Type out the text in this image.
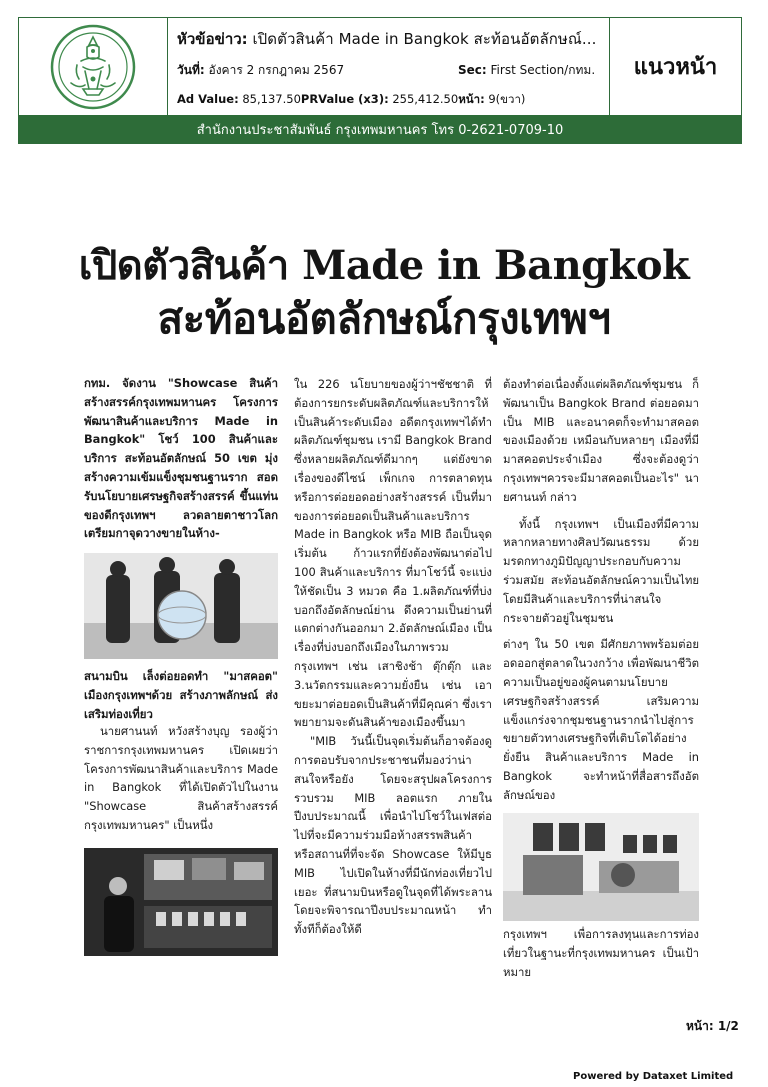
หัวข้อข่าว: เปิดตัวสินค้า Made in Bangkok สะท้อนอัตลักษณ์...
วันที่: อังคาร 2 กรกฎาคม 2567	Sec: First Section/กทม.
Ad Value: 85,137.50PRValue (x3): 255,412.50หน้า: 9(ขวา)
แนวหน้า
สำนักงานประชาสัมพันธ์ กรุงเทพมหานคร โทร 0-2621-0709-10
เปิดตัวสินค้า Made in Bangkok
สะท้อนอัตลักษณ์กรุงเทพฯ

กทม. จัดงาน "Showcase สินค้าสร้างสรรค์กรุงเทพมหานคร โครงการพัฒนาสินค้าและบริการ Made in Bangkok" โชว์ 100 สินค้าและบริการ สะท้อนอัตลักษณ์ 50 เขต มุ่งสร้างความเข้มแข็งชุมชนฐานราก สอดรับนโยบายเศรษฐกิจสร้างสรรค์ ขึ้นแท่นของดีกรุงเทพฯ ลวดลายตาชาวโลก เตรียมกาจุดวางขายในห้าง-

สนามบิน เล็งต่อยอดทำ "มาสคอต" เมืองกรุงเทพฯด้วย สร้างภาพลักษณ์ ส่งเสริมท่องเที่ยว

นายศานนท์ หวังสร้างบุญ รองผู้ว่าราชการกรุงเทพมหานคร เปิดเผยว่า โครงการพัฒนาสินค้าและบริการ Made in Bangkok ที่ได้เปิดตัวไปในงาน "Showcase สินค้าสร้างสรรค์กรุงเทพมหานคร" เป็นหนึ่ง

ใน 226 นโยบายของผู้ว่าฯชัชชาติ ที่ต้องการยกระดับผลิตภัณฑ์และบริการให้เป็นสินค้าระดับเมือง อดีตกรุงเทพฯได้ทำผลิตภัณฑ์ชุมชน เรามี Bangkok Brand ซึ่งหลายผลิตภัณฑ์ดีมากๆ แต่ยังขาดเรื่องของดีไซน์ เพ็กเกจ การตลาดทุน หรือการต่อยอดอย่างสร้างสรรค์ เป็นที่มาของการต่อยอดเป็นสินค้าและบริการ Made in Bangkok หรือ MIB ถือเป็นจุดเริ่มต้น ก้าวแรกที่ยังต้องพัฒนาต่อไป 100 สินค้าและบริการ ที่มาโชว์นี้ จะแบ่งให้ชัดเป็น 3 หมวด คือ 1.ผลิตภัณฑ์ที่บ่งบอกถึงอัตลักษณ์ย่าน ดึงความเป็นย่านที่แตกต่างกันออกมา 2.อัตลักษณ์เมือง เป็นเรื่องที่บ่งบอกถึงเมืองในภาพรวมกรุงเทพฯ เช่น เสาชิงช้า ตุ๊กตุ๊ก และ 3.นวัตกรรมและความยั่งยืน เช่น เอาขยะมาต่อยอดเป็นสินค้าที่มีคุณค่า ซึ่งเราพยายามจะดันสินค้าของเมืองขึ้นมา

"MIB วันนี้เป็นจุดเริ่มต้นก็อาจต้องดูการตอบรับจากประชาชนที่มองว่าน่าสนใจหรือยัง โดยจะสรุปผลโครงการรวบรวม MIB ลอตแรก ภายในปีงบประมาณนี้ เพื่อนำไปโชว์ในเฟสต่อไปที่จะมีความร่วมมือห้างสรรพสินค้าหรือสถานที่ที่จะจัด Showcase ให้มีบูธ MIB ไปเปิดในห้างที่มีนักท่องเที่ยวไปเยอะ ที่สนามบินหรือดูในจุดที่ได้พระลาน โดยจะพิจารณาปีงบประมาณหน้า ทำทั้งทีก็ต้องให้ดี

ต้องทำต่อเนื่องตั้งแต่ผลิตภัณฑ์ชุมชน ก็พัฒนาเป็น Bangkok Brand ต่อยอดมาเป็น MIB และอนาคตก็จะทำมาสคอตของเมืองด้วย เหมือนกับหลายๆ เมืองที่มีมาสคอตประจำเมือง ซึ่งจะต้องดูว่ากรุงเทพฯควรจะมีมาสคอตเป็นอะไร" นายศานนท์ กล่าว

ทั้งนี้ กรุงเทพฯ เป็นเมืองที่มีความหลากหลายทางศิลปวัฒนธรรม ด้วยมรดกทางภูมิปัญญาประกอบกับความร่วมสมัย สะท้อนอัตลักษณ์ความเป็นไทย โดยมีสินค้าและบริการที่น่าสนใจกระจายตัวอยู่ในชุมชน

ต่างๆ ใน 50 เขต มีศักยภาพพร้อมต่อยอดออกสู่ตลาดในวงกว้าง เพื่อพัฒนาชีวิตความเป็นอยู่ของผู้คนตามนโยบายเศรษฐกิจสร้างสรรค์ เสริมความแข็งแกร่งจากชุมชนฐานรากนำไปสู่การขยายตัวทางเศรษฐกิจที่เติบโตได้อย่างยั่งยืน สินค้าและบริการ Made in Bangkok จะทำหน้าที่สื่อสารถึงอัตลักษณ์ของ

กรุงเทพฯ เพื่อการลงทุนและการท่องเที่ยวในฐานะที่กรุงเทพมหานคร เป็นเป้าหมาย

หน้า: 1/2
Powered by Dataxet Limited
